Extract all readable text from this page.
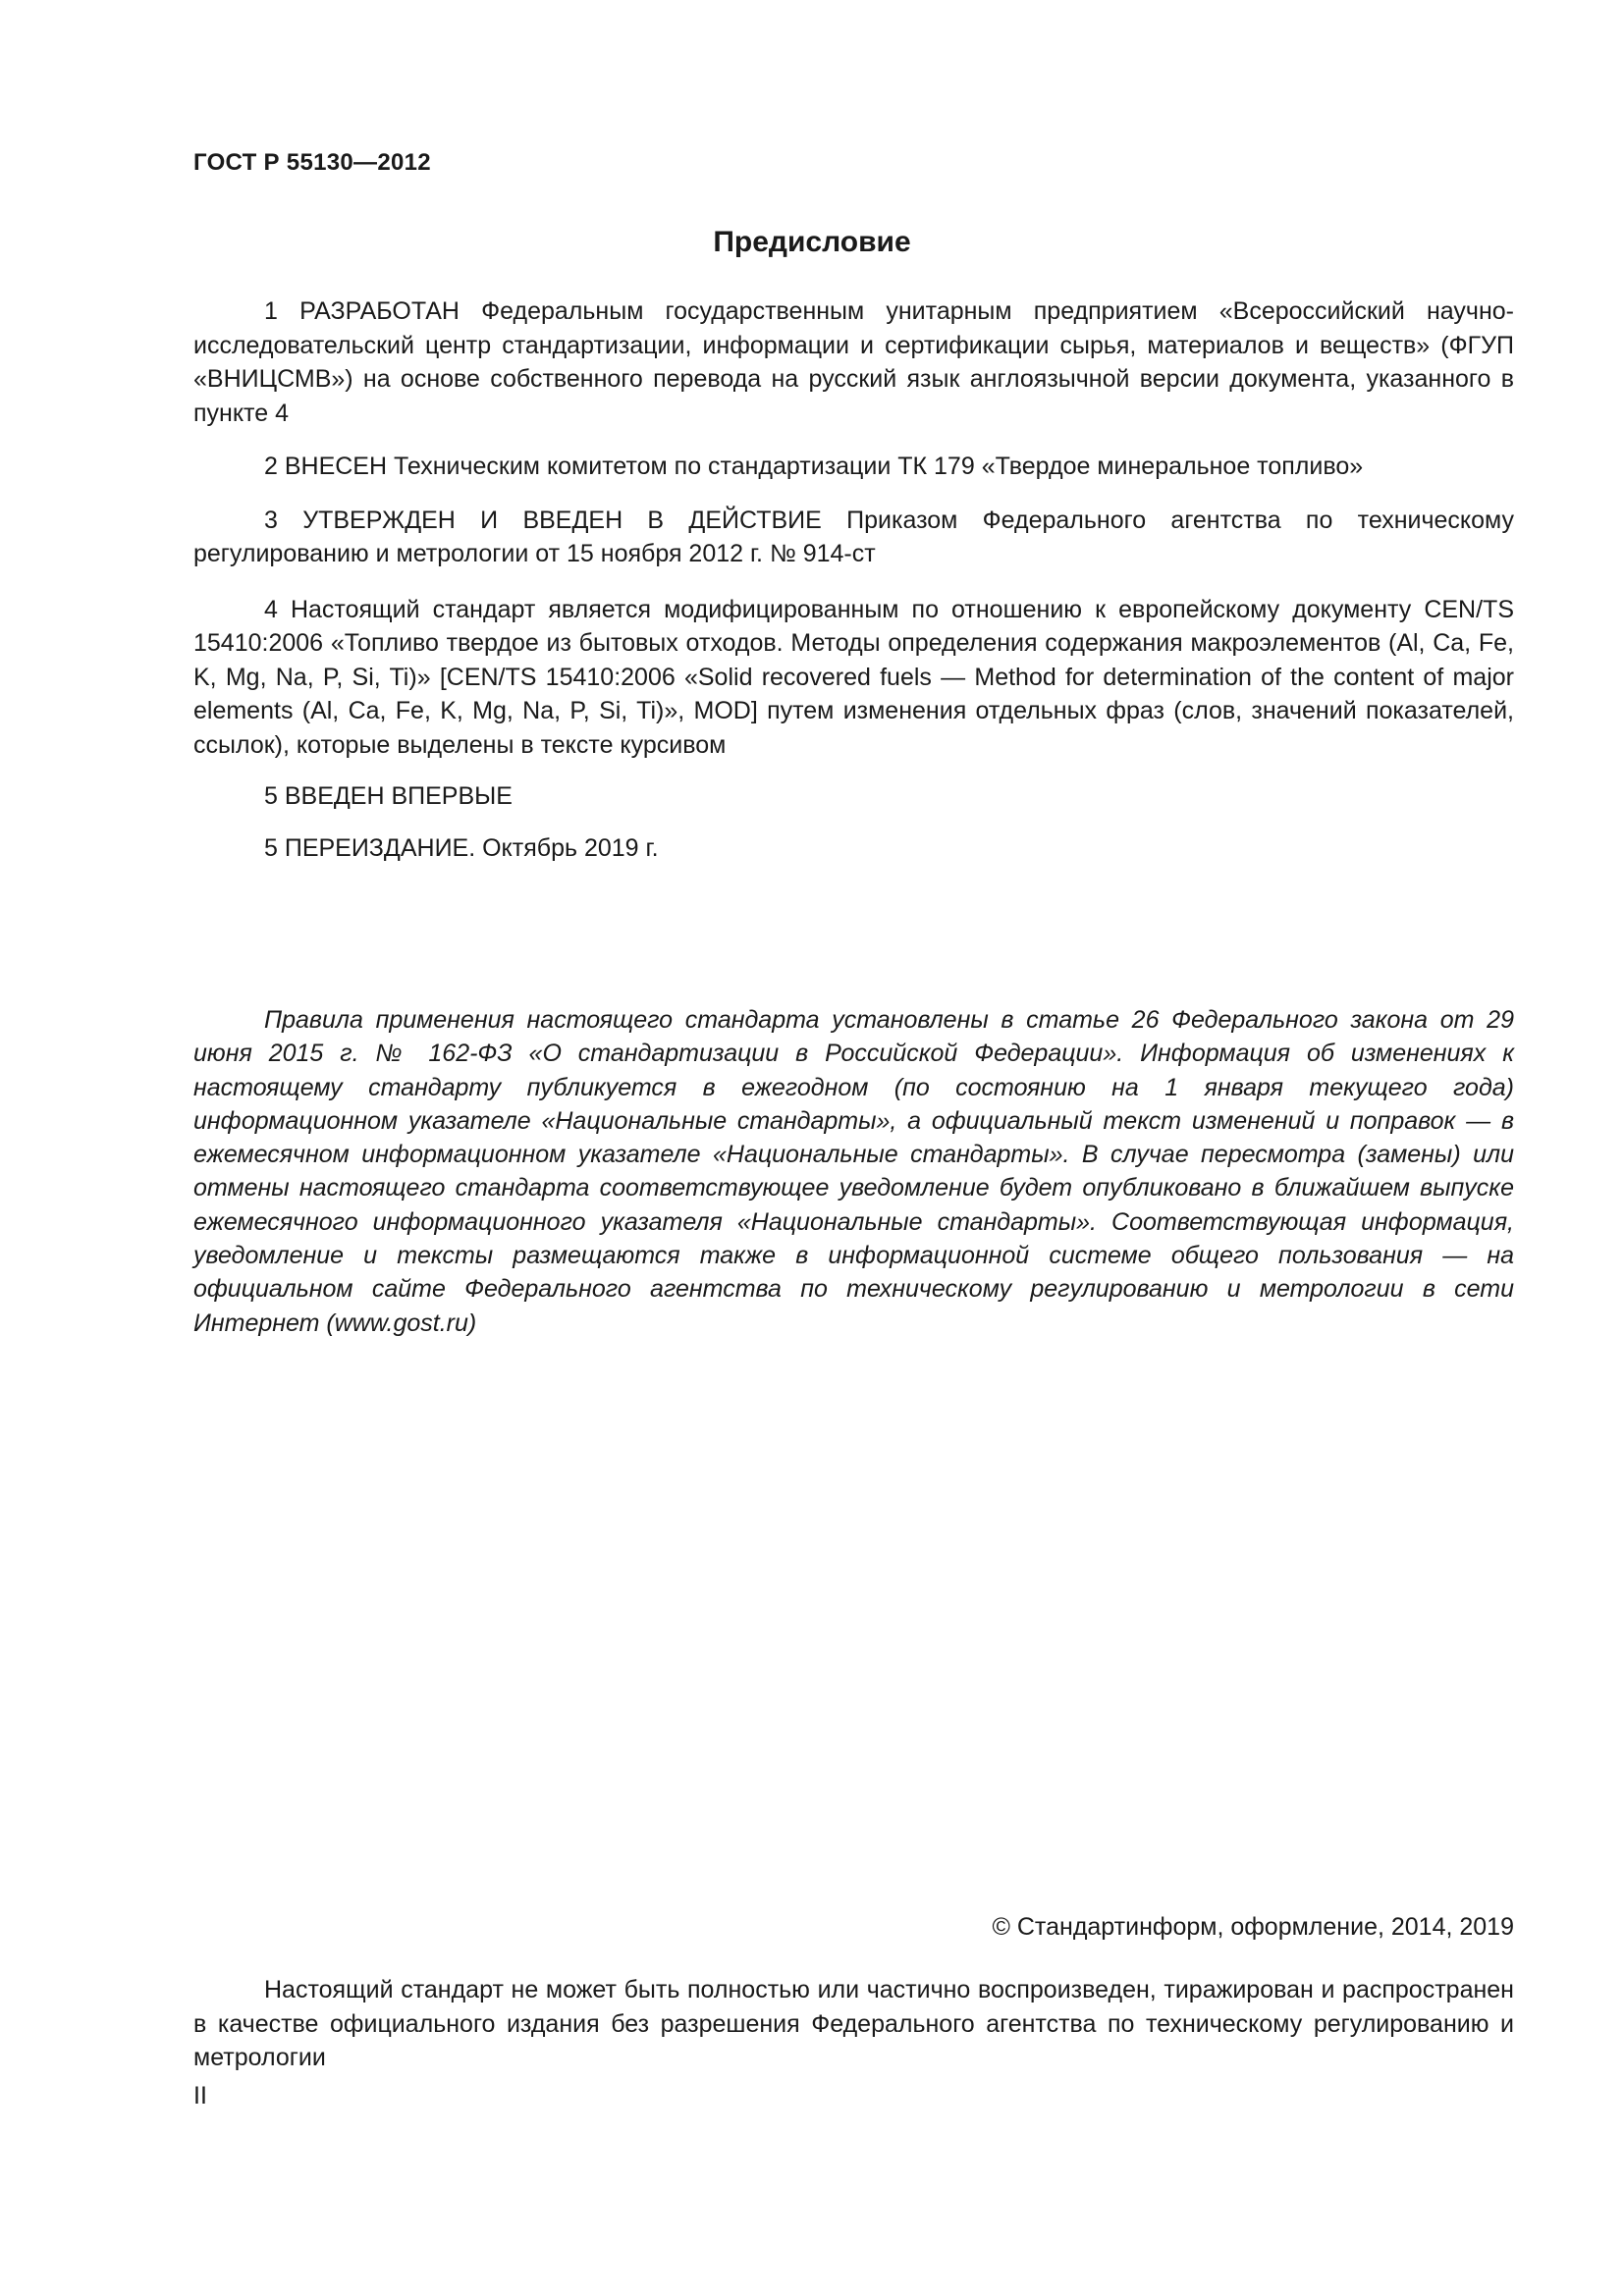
ГОСТ Р 55130—2012
Предисловие

1 РАЗРАБОТАН Федеральным государственным унитарным предприятием «Всероссийский научно-исследовательский центр стандартизации, информации и сертификации сырья, материалов и веществ» (ФГУП «ВНИЦСМВ») на основе собственного перевода на русский язык англоязычной версии документа, указанного в пункте 4

2 ВНЕСЕН Техническим комитетом по стандартизации ТК 179 «Твердое минеральное топливо»

3 УТВЕРЖДЕН И ВВЕДЕН В ДЕЙСТВИЕ Приказом Федерального агентства по техническому регулированию и метрологии от 15 ноября 2012 г. № 914-ст

4 Настоящий стандарт является модифицированным по отношению к европейскому документу CEN/TS 15410:2006 «Топливо твердое из бытовых отходов. Методы определения содержания макроэлементов (Al, Ca, Fe, K, Mg, Na, P, Si, Ti)» [CEN/TS 15410:2006 «Solid recovered fuels — Method for determination of the content of major elements (Al, Ca, Fe, K, Mg, Na, P, Si, Ti)», MOD] путем изменения отдельных фраз (слов, значений показателей, ссылок), которые выделены в тексте курсивом

5 ВВЕДЕН ВПЕРВЫЕ

5 ПЕРЕИЗДАНИЕ. Октябрь 2019 г.

Правила применения настоящего стандарта установлены в статье 26 Федерального закона от 29 июня 2015 г. № 162-ФЗ «О стандартизации в Российской Федерации». Информация об изменениях к настоящему стандарту публикуется в ежегодном (по состоянию на 1 января текущего года) информационном указателе «Национальные стандарты», а официальный текст изменений и поправок — в ежемесячном информационном указателе «Национальные стандарты». В случае пересмотра (замены) или отмены настоящего стандарта соответствующее уведомление будет опубликовано в ближайшем выпуске ежемесячного информационного указателя «Национальные стандарты». Соответствующая информация, уведомление и тексты размещаются также в информационной системе общего пользования — на официальном сайте Федерального агентства по техническому регулированию и метрологии в сети Интернет (www.gost.ru)

© Стандартинформ, оформление, 2014, 2019

Настоящий стандарт не может быть полностью или частично воспроизведен, тиражирован и распространен в качестве официального издания без разрешения Федерального агентства по техническому регулированию и метрологии

II
